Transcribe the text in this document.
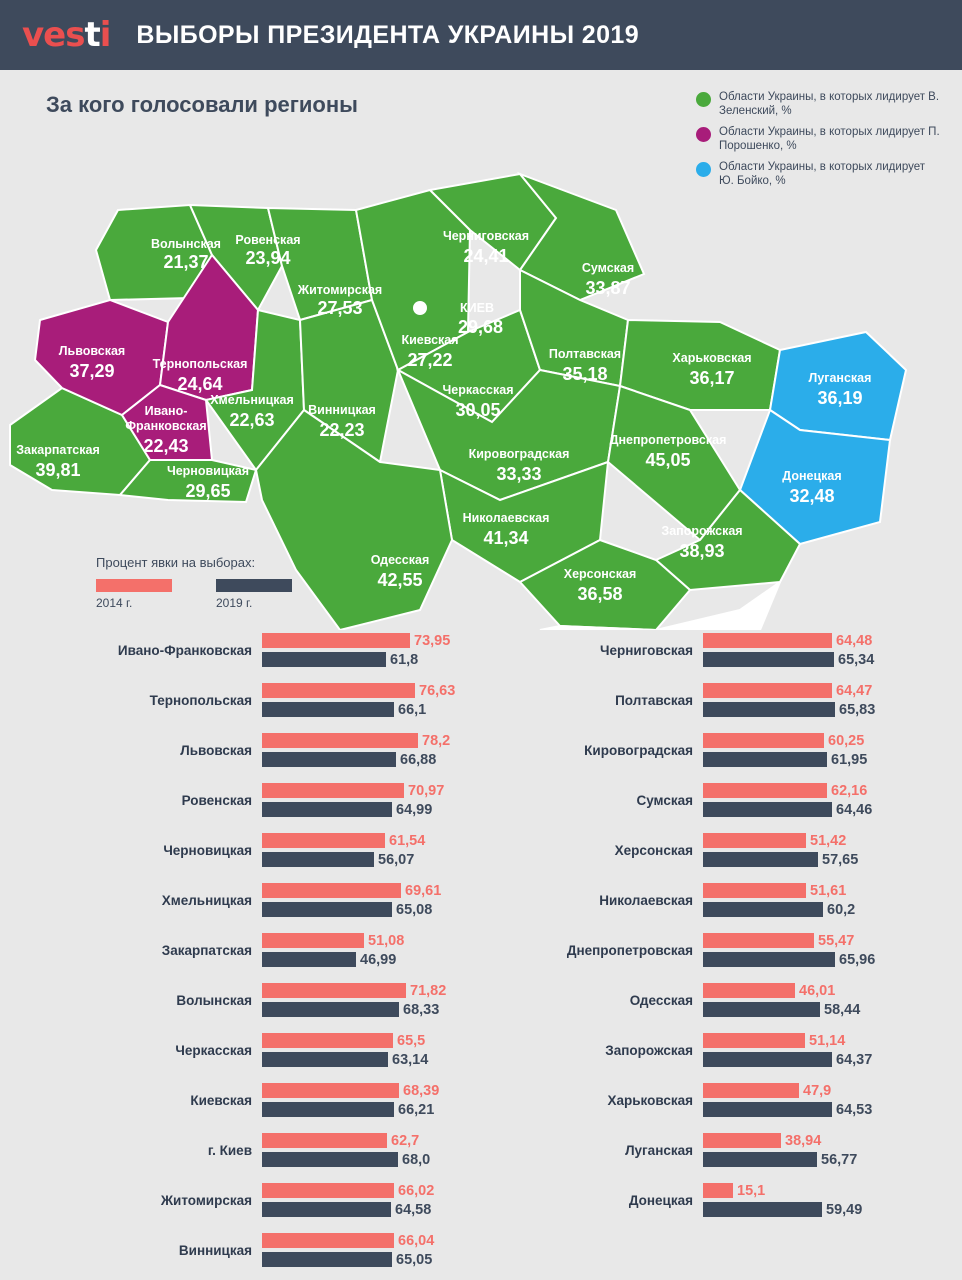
vesti ВЫБОРЫ ПРЕЗИДЕНТА УКРАИНЫ 2019
За кого голосовали регионы	Области Украины, в которых лидирует В. Зеленский, %
Области Украины, в которых лидирует П. Порошенко, %
Области Украины, в которых лидирует Ю. Бойко, %
Волынская
21,37
Ровенская
23,94
Житомирская
27,53
Черниговская
24,41
Сумская
33,87
КИЕВ
29,68
Киевская
27,22
Львовская
37,29	Тернопольская
24,64
Хмельницкая
22,63	Винницкая
22,23
Черкасская
30,05
Полтавская
35,18
Харьковская
36,17	Луганская
36,19
Донецкая
32,48
Ивано-
Франковская
22,43
Закарпатская
39,81	Черновицкая
29,65
Кировоградская
33,33
Днепропетровская
45,05
Николаевская
41,34	Запорожская
38,93
Одесская
42,55	Херсонская
36,58
Процент явки на выборах:
2014 г.	2019 г.
Ивано-Франковская
73,95
61,8
Тернопольская
76,63
66,1
Львовская
78,2
66,88
Ровенская
70,97
64,99
Черновицкая
61,54
56,07
Хмельницкая
69,61
65,08
Закарпатская
51,08
46,99
Волынская
71,82
68,33
Черкасская
65,5
63,14
Киевская
68,39
66,21
г. Киев
62,7
68,0
Житомирская
66,02
64,58
Винницкая
66,04
65,05
Черниговская
64,48
65,34
Полтавская
64,47
65,83
Кировоградская
60,25
61,95
Сумская
62,16
64,46
Херсонская
51,42
57,65
Николаевская
51,61
60,2
Днепропетровская
55,47
65,96
Одесская
46,01
58,44
Запорожская
51,14
64,37
Харьковская
47,9
64,53
Луганская
38,94
56,77
Донецкая
15,1
59,49
